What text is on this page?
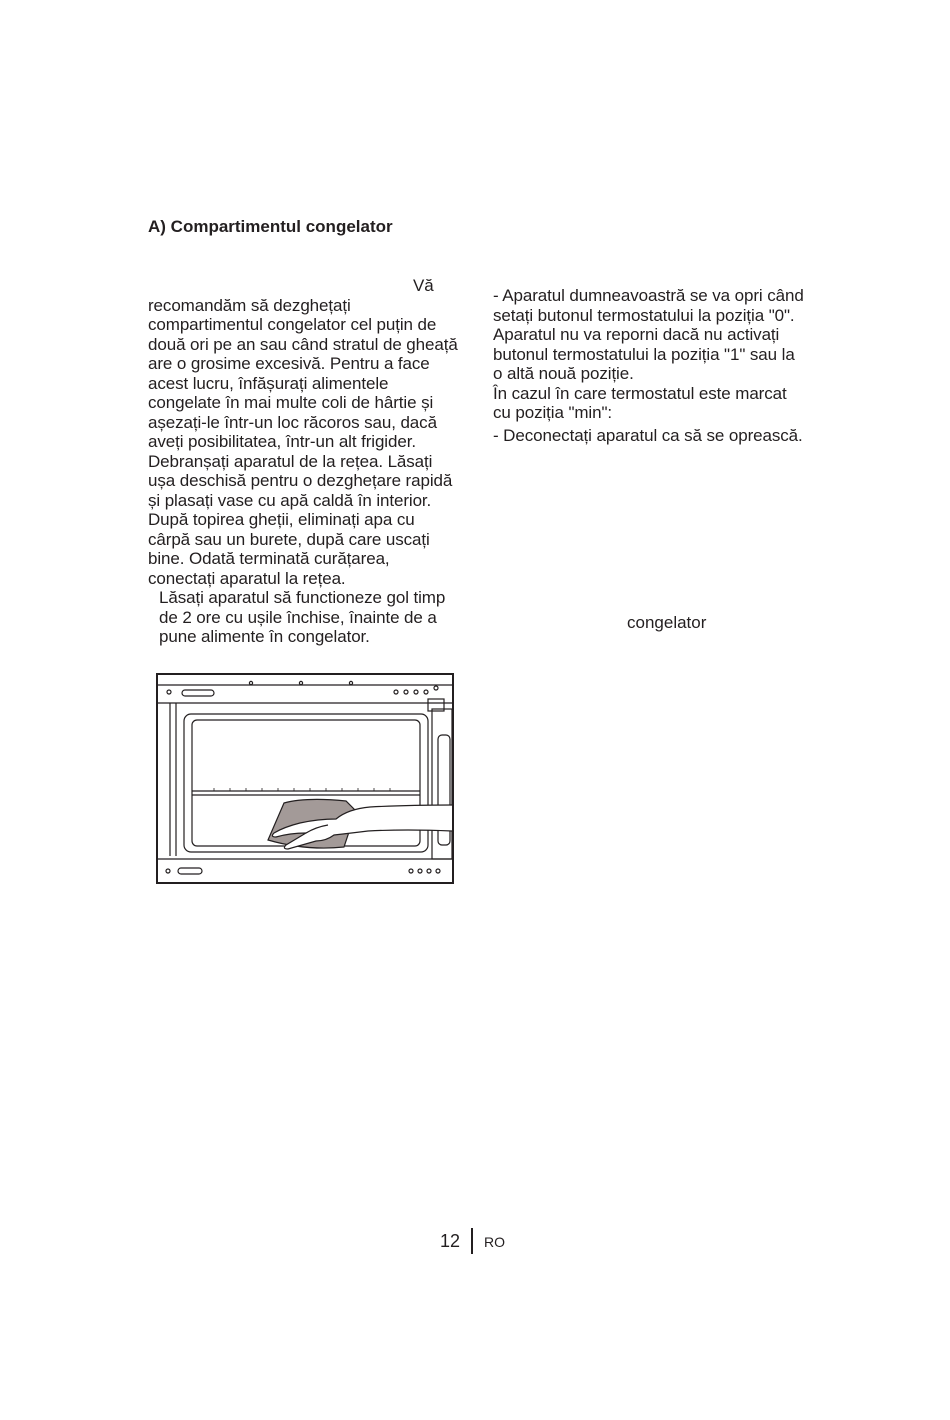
A) Compartimentul congelator
Vă

recomandăm să dezghețați compartimentul congelator cel puțin de două ori pe an sau când stratul de gheață are o grosime excesivă. Pentru a face acest lucru, înfășurați alimentele congelate în mai multe coli de hârtie și așezați-le într-un loc răcoros sau, dacă aveți posibilitatea, într-un alt frigider. Debranșați aparatul de la rețea. Lăsați ușa deschisă pentru o dezghețare rapidă și plasați vase cu apă caldă în interior. După topirea gheții, eliminați apa cu cârpă sau un burete, după care uscați bine. Odată terminată curățarea, conectați aparatul la rețea.

Lăsați aparatul să functioneze gol timp de 2 ore cu ușile închise, înainte de a pune alimente în congelator.

- Aparatul dumneavoastră se va opri când setați butonul termostatului la poziția "0". Aparatul nu va reporni dacă nu activați butonul termostatului la poziția "1" sau la o altă nouă poziție.

În cazul în care termostatul este marcat cu poziția "min":

- Deconectați aparatul ca să se oprească.

congelator
12 RO
